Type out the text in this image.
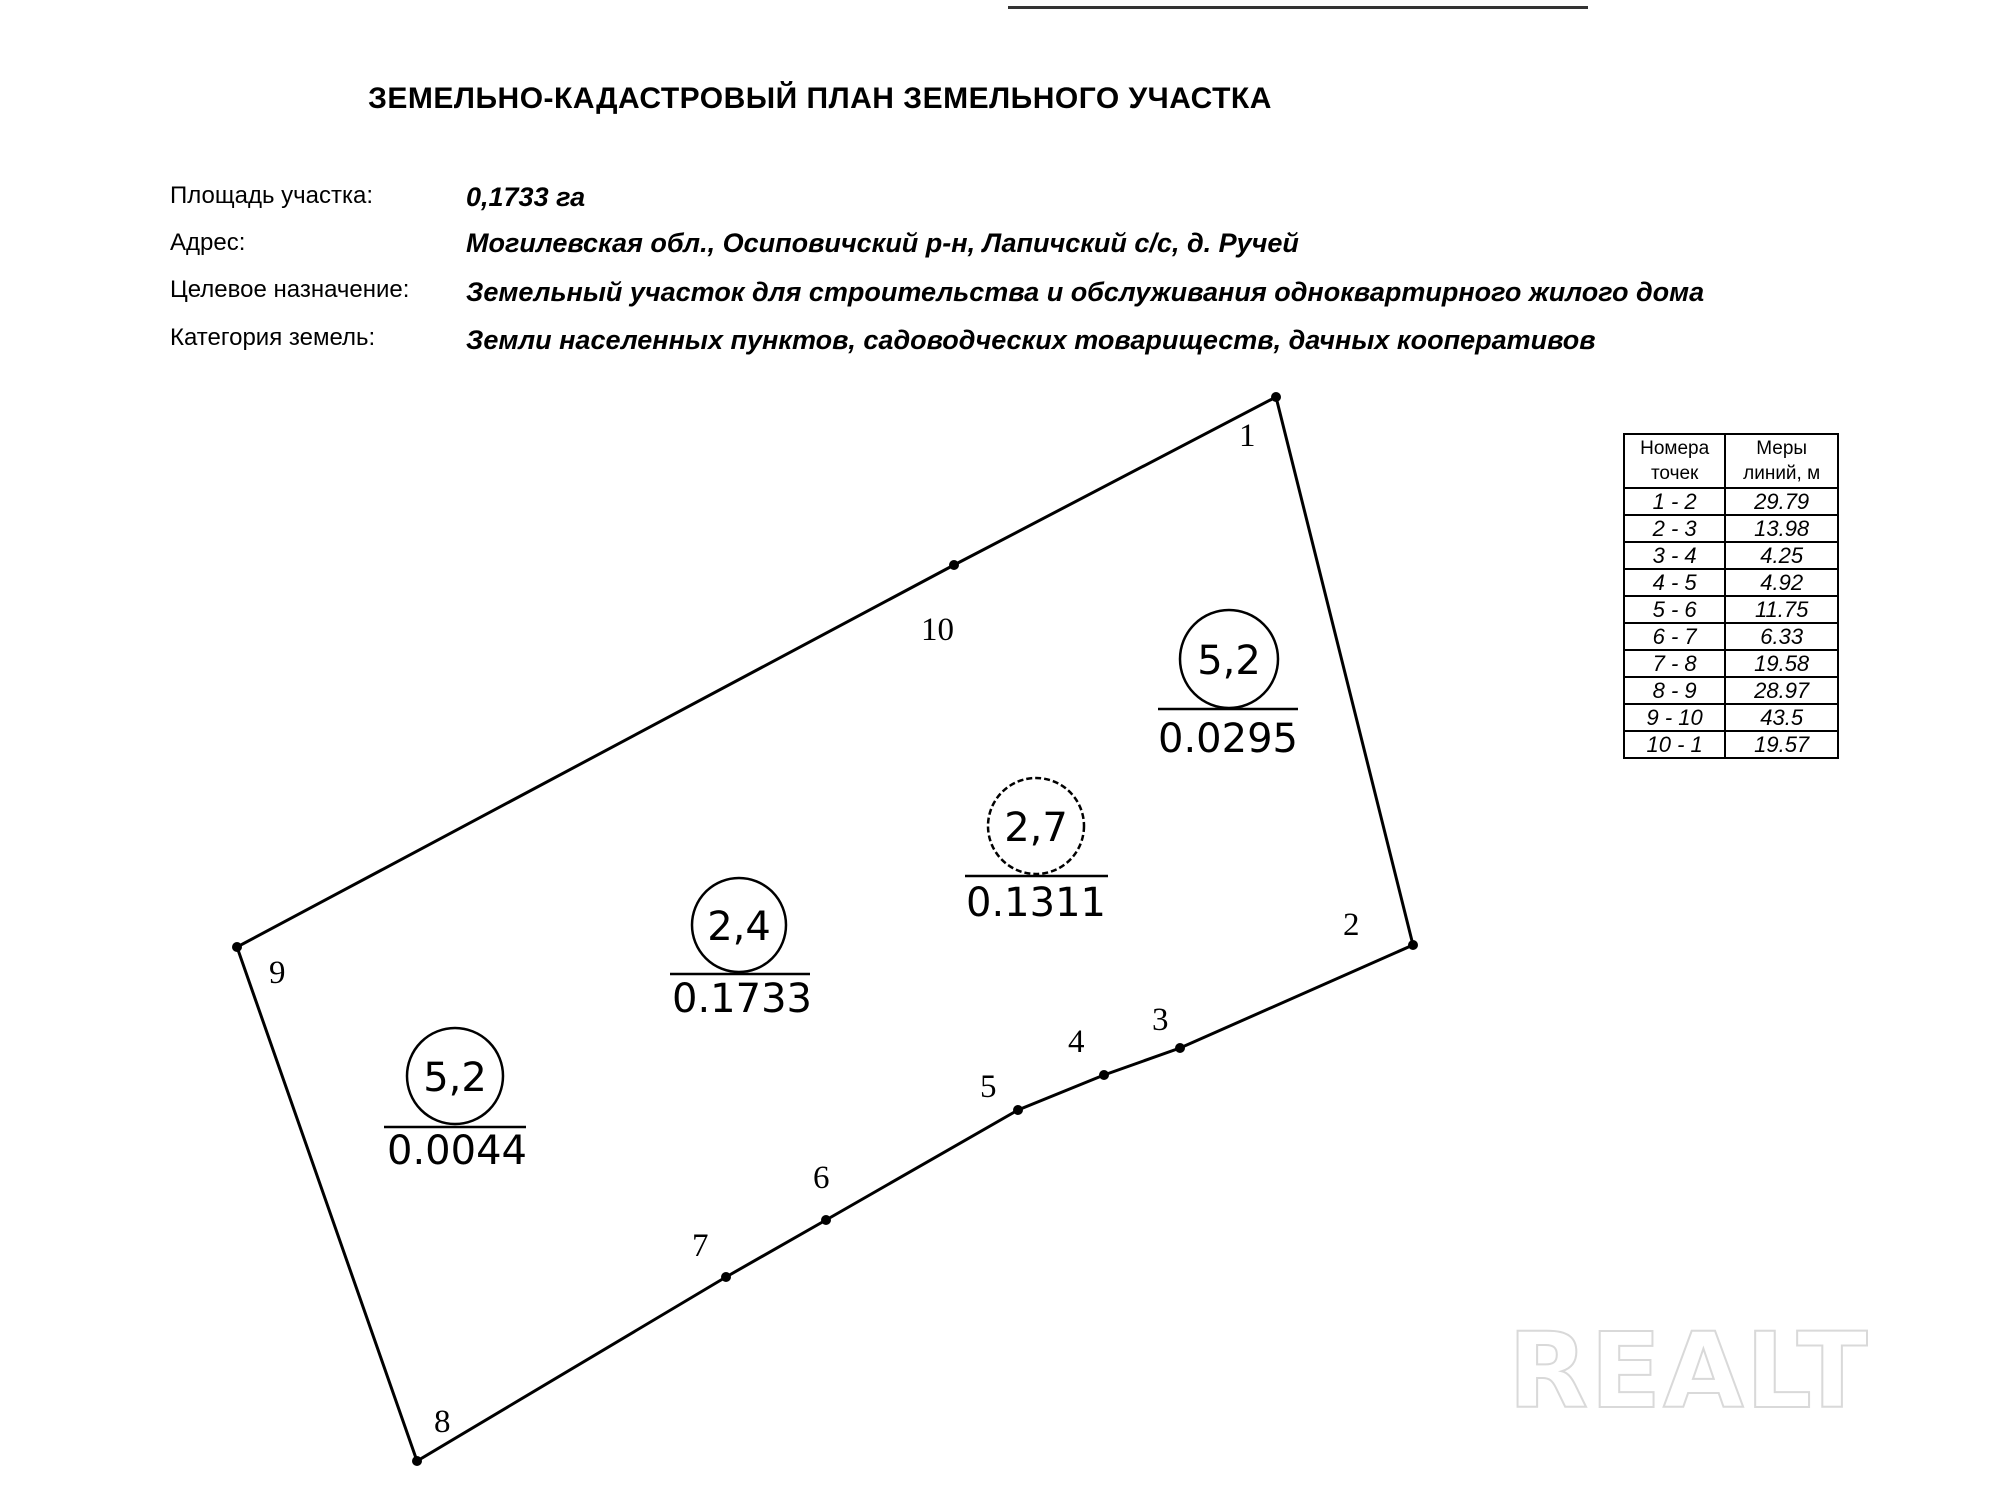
ЗЕМЕЛЬНО-КАДАСТРОВЫЙ ПЛАН ЗЕМЕЛЬНОГО УЧАСТКА
Площадь участка:	0,1733 га
Адрес:	Могилевская обл., Осиповичский р-н, Лапичский с/с, д. Ручей
Целевое назначение: Земельный участок для строительства и обслуживания одноквартирного жилого дома
Категория земель:	Земли населенных пунктов, садоводческих товариществ, дачных кооперативов
1
2
3
4
5
6
7
8
9
10
5,2
0.0295
2,7
0.1311
2,4
0.1733
5,2
0.0044
Номера
точек	Меры
линий, м
1 - 2	29.79
2 - 3	13.98
3 - 4	4.25
4 - 5	4.92
5 - 6	11.75
6 - 7	6.33
7 - 8	19.58
8 - 9	28.97
9 - 10	43.5
10 - 1	19.57
REALT
